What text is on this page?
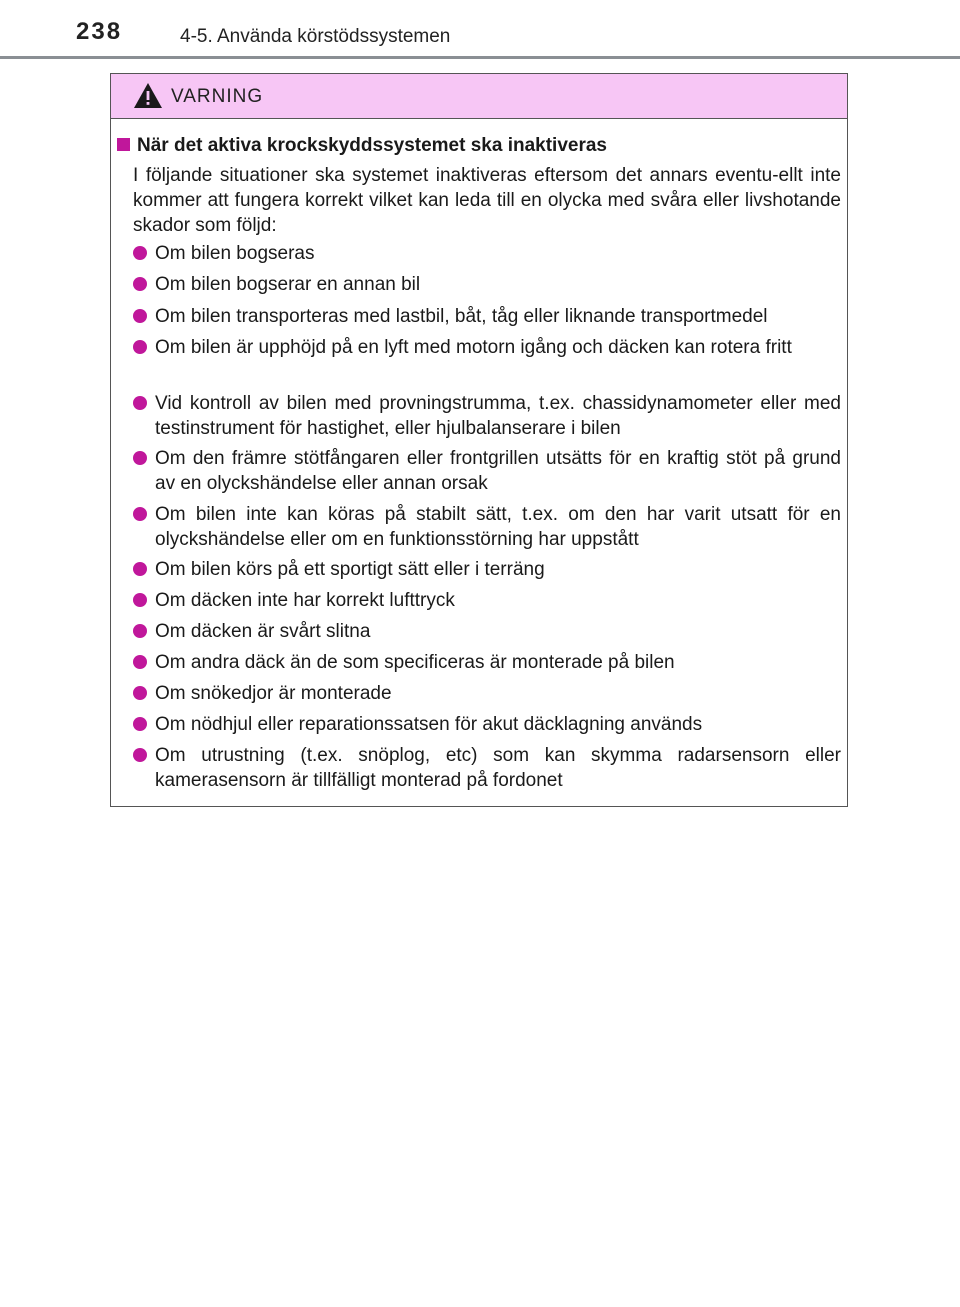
238	4-5. Använda körstödssystemen
VARNING
När det aktiva krockskyddssystemet ska inaktiveras
I följande situationer ska systemet inaktiveras eftersom det annars eventu-ellt inte kommer att fungera korrekt vilket kan leda till en olycka med svåra eller livshotande skador som följd:
Om bilen bogseras
Om bilen bogserar en annan bil
Om bilen transporteras med lastbil, båt, tåg eller liknande transportmedel
Om bilen är upphöjd på en lyft med motorn igång och däcken kan rotera fritt
Vid kontroll av bilen med provningstrumma, t.ex. chassidynamometer eller med testinstrument för hastighet, eller hjulbalanserare i bilen
Om den främre stötfångaren eller frontgrillen utsätts för en kraftig stöt på grund av en olyckshändelse eller annan orsak
Om bilen inte kan köras på stabilt sätt, t.ex. om den har varit utsatt för en olyckshändelse eller om en funktionsstörning har uppstått
Om bilen körs på ett sportigt sätt eller i terräng
Om däcken inte har korrekt lufttryck
Om däcken är svårt slitna
Om andra däck än de som specificeras är monterade på bilen
Om snökedjor är monterade
Om nödhjul eller reparationssatsen för akut däcklagning används
Om utrustning (t.ex. snöplog, etc) som kan skymma radarsensorn eller kamerasensorn är tillfälligt monterad på fordonet
